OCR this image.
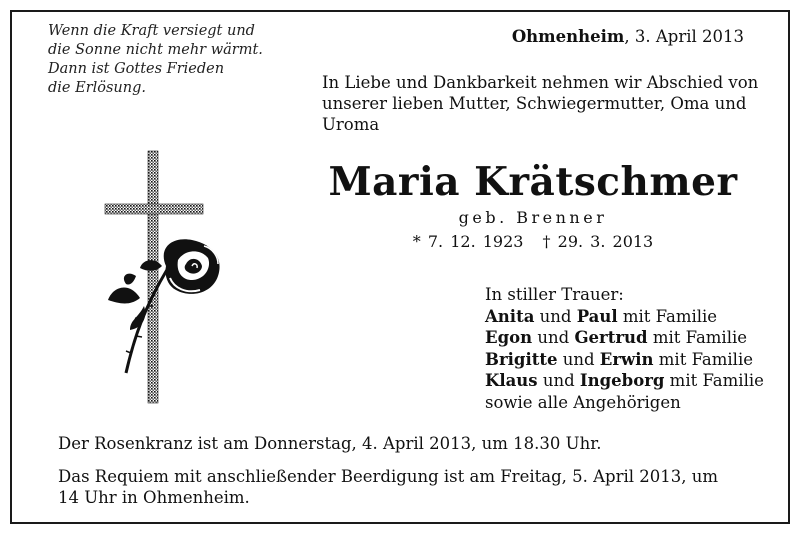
Wenn die Kraft versiegt und
die Sonne nicht mehr wärmt.
Dann ist Gottes Frieden
die Erlösung.
Ohmenheim, 3. April 2013
In Liebe und Dankbarkeit nehmen wir Abschied von
unserer lieben Mutter, Schwiegermutter, Oma und
Uroma
Maria Krätschmer
geb. Brenner
* 7. 12. 1923 † 29. 3. 2013
In stiller Trauer:
Anita und Paul mit Familie
Egon und Gertrud mit Familie
Brigitte und Erwin mit Familie
Klaus und Ingeborg mit Familie
sowie alle Angehörigen
Der Rosenkranz ist am Donnerstag, 4. April 2013, um 18.30 Uhr.
Das Requiem mit anschließender Beerdigung ist am Freitag, 5. April 2013, um 14 Uhr in Ohmenheim.
